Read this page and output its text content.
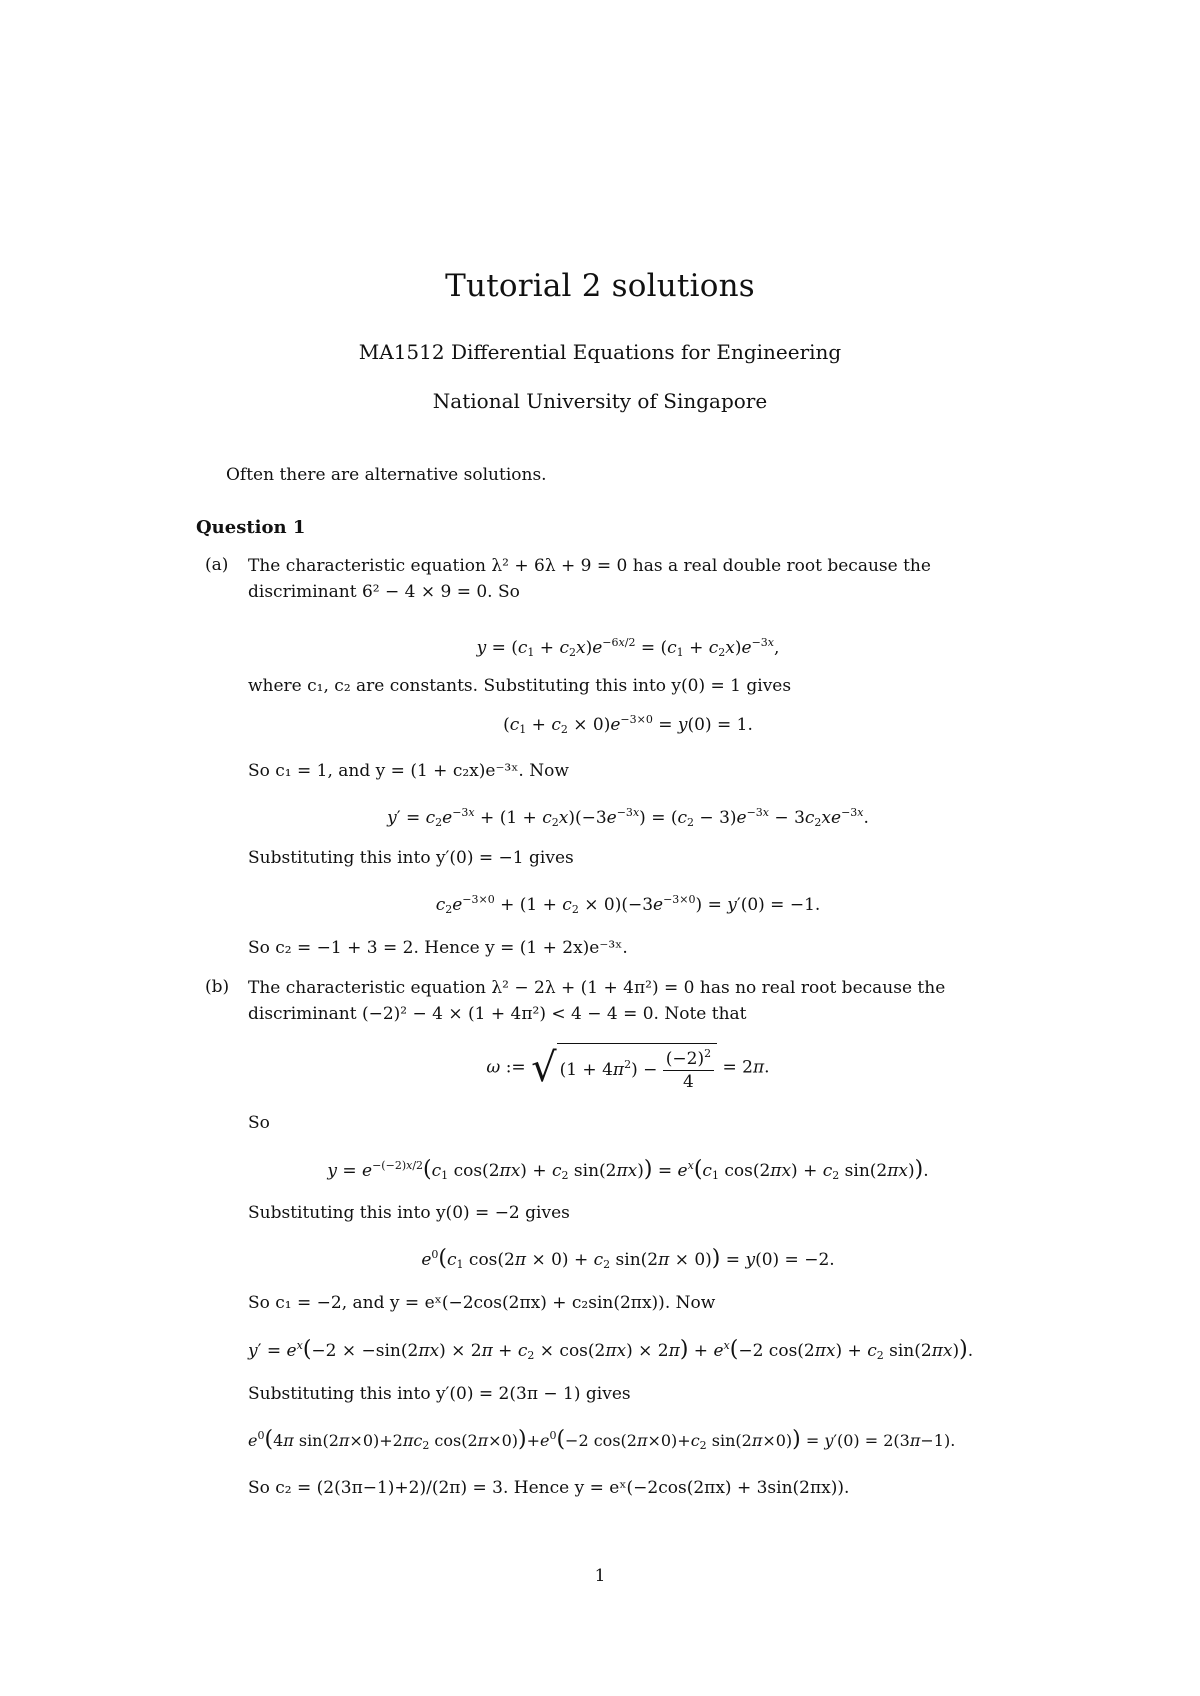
Tutorial 2 solutions
MA1512 Differential Equations for Engineering
National University of Singapore
Often there are alternative solutions.
Question 1
(a) The characteristic equation λ² + 6λ + 9 = 0 has a real double root because the discriminant 6² − 4 × 9 = 0. So
$y = (c_1 + c_2x)e^{-6x/2} = (c_1 + c_2x)e^{-3x}$,
where c₁, c₂ are constants. Substituting this into y(0) = 1 gives
$(c_1 + c_2 \times 0)e^{-3\times 0} = y(0) = 1$.
So c₁ = 1, and y = (1 + c₂x)e⁻³ˣ. Now
$y' = c_2e^{-3x} + (1 + c_2x)(-3e^{-3x}) = (c_2 - 3)e^{-3x} - 3c_2xe^{-3x}$.
Substituting this into y′(0) = −1 gives
$c_2e^{-3\times 0} + (1 + c_2 \times 0)(-3e^{-3\times 0}) = y'(0) = -1$.
So c₂ = −1 + 3 = 2. Hence y = (1 + 2x)e⁻³ˣ.
(b) The characteristic equation λ² − 2λ + (1 + 4π²) = 0 has no real root because the discriminant (−2)² − 4 × (1 + 4π²) < 4 − 4 = 0. Note that
ω := √ $(1 + 4\pi^2) - \frac{(-2)^2}{4} = 2\pi$.
So
$y = e^{-(-2)x/2}(c_1$ $\cos(2\pi x) + c_2$ $\sin(2\pi x)) = e^x(c_1$ $\cos(2\pi x) + c_2$ sin(2πx)).
Substituting this into y(0) = −2 gives
$e^0(c_1$ $\cos(2\pi \times 0) + c_2$ sin(2π × 0)) = y(0) = −2.
So c₁ = −2, and y = eˣ(−2cos(2πx) + c₂sin(2πx)). Now
$y' = e^x(-2 \times -\sin(2\pi x) \times 2\pi + c_2 \times \cos(2\pi x) \times 2\pi) + e^x(-2$ $\cos(2\pi x) + c_2$ sin(2πx)).
Substituting this into y′(0) = 2(3π − 1) gives
$e^0(4\pi$ $\sin(2\pi\times 0)+2\pi c_2$ $\cos(2\pi\times 0))+e^0(-2$ $\cos(2\pi\times 0)+c_2$ sin(2π×0)) = y′(0) = 2(3π−1).
So c₂ = (2(3π−1)+2)/(2π) = 3. Hence y = eˣ(−2cos(2πx) + 3sin(2πx)).
1
